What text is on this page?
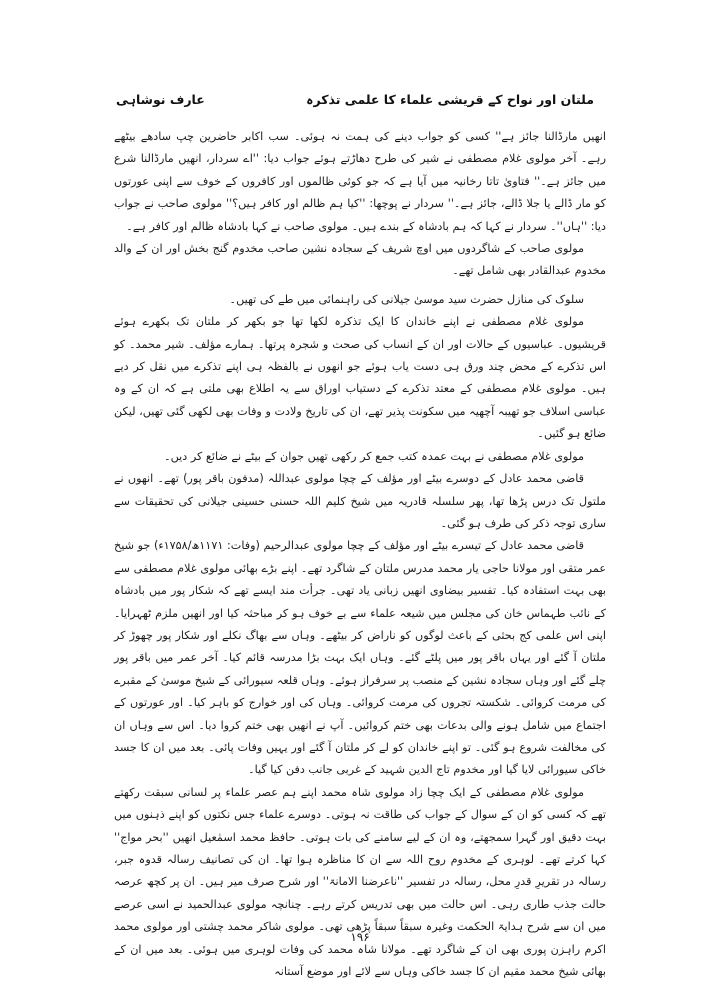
ملتان اور نواح کے قریشی علماء کا علمی تذکرہ
عارف نوشاہی

انھیں مارڈالنا جائز ہے'' کسی کو جواب دینے کی ہمت نہ ہوئی۔ سب اکابر حاضرین چپ سادھے بیٹھے رہے۔ آخر مولوی غلام مصطفی نے شیر کی طرح دھاڑتے ہوئے جواب دیا: ''اے سردار، انھیں مارڈالنا شرع میں جائز ہے۔'' فتاویٰ تاتا رخانیہ میں آیا ہے کہ جو کوئی ظالموں اور کافروں کے خوف سے اپنی عورتوں کو مار ڈالے یا جلا ڈالے، جائز ہے۔'' سردار نے پوچھا: ''کیا ہم ظالم اور کافر ہیں؟'' مولوی صاحب نے جواب دیا: ''ہاں''۔ سردار نے کہا کہ ہم بادشاہ کے بندے ہیں۔ مولوی صاحب نے کہا بادشاہ ظالم اور کافر ہے۔

مولوی صاحب کے شاگردوں میں اوچ شریف کے سجادہ نشین صاحب مخدوم گنج بخش اور ان کے والد مخدوم عبدالقادر بھی شامل تھے۔

سلوک کی منازل حضرت سید موسیٰ جیلانی کی راہنمائی میں طے کی تھیں۔

مولوی غلام مصطفی نے اپنے خاندان کا ایک تذکرہ لکھا تھا جو بکھر کر ملتان تک بکھرے ہوئے قریشیوں۔ عباسیوں کے حالات اور ان کے انساب کی صحت و شجرہ پرتھا۔ ہمارے مؤلف۔ شیر محمد۔ کو اس تذکرے کے محض چند ورق ہی دست یاب ہوئے جو انھوں نے بالفظہ ہی اپنے تذکرے میں نقل کر دیے ہیں۔ مولوی غلام مصطفی کے معتد تذکرے کے دستیاب اوراق سے یہ اطلاع بھی ملتی ہے کہ ان کے وہ عباسی اسلاف جو تھیبہ آچھیہ میں سکونت پذیر تھے، ان کی تاریخ ولادت و وفات بھی لکھی گئی تھیں، لیکن ضائع ہو گئیں۔

مولوی غلام مصطفی نے بہت عمدہ کتب جمع کر رکھی تھیں جوان کے بیٹے نے ضائع کر دیں۔

قاضی محمد عادل کے دوسرے بیٹے اور مؤلف کے چچا مولوی عبداللہ (مدفون باقر پور) تھے۔ انھوں نے ملتول تک درس پڑھا تھا، پھر سلسلہ قادریہ میں شیخ کلیم اللہ حسنی حسینی جیلانی کی تحقیقات سے ساری توجہ ذکر کی طرف ہو گئی۔

قاضی محمد عادل کے تیسرے بیٹے اور مؤلف کے چچا مولوی عبدالرحیم (وفات: ۱۱۷۱ھ/۱۷۵۸ء) جو شیخ عمر متقی اور مولانا حاجی یار محمد مدرس ملتان کے شاگرد تھے۔ اپنے بڑے بھائی مولوی غلام مصطفی سے بھی بہت استفادہ کیا۔ تفسیر بیضاوی انھیں زبانی یاد تھی۔ جرأت مند ایسے تھے کہ شکار پور میں بادشاہ کے نائب طہماس خان کی مجلس میں شیعہ علماء سے بے خوف ہو کر مباحثہ کیا اور انھیں ملزم ٹھہرایا۔ اپنی اس علمی کج بحثی کے باعث لوگوں کو ناراض کر بیٹھے۔ وہاں سے بھاگ نکلے اور شکار پور چھوڑ کر ملتان آ گئے اور یہاں باقر پور میں پلٹے گئے۔ وہاں ایک بہت بڑا مدرسہ قائم کیا۔ آخر عمر میں باقر پور چلے گئے اور وہاں سجادہ نشین کے منصب پر سرفراز ہوئے۔ وہاں قلعہ سیورائی کے شیخ موسیٰ کے مقبرے کی مرمت کروائی۔ شکستہ تجروں کی مرمت کروائی۔ وہاں کی اور خوارج کو باہر کیا۔ اور عورتوں کے اجتماع میں شامل ہونے والی بدعات بھی ختم کروائیں۔ آپ نے انھیں بھی ختم کروا دیا۔ اس سے وہاں ان کی مخالفت شروع ہو گئی۔ تو اپنے خاندان کو لے کر ملتان آ گئے اور یہیں وفات پائی۔ بعد میں ان کا جسد خاکی سیورائی لایا گیا اور مخدوم تاج الدین شہید کے غربی جانب دفن کیا گیا۔

مولوی غلام مصطفی کے ایک چچا زاد مولوی شاہ محمد اپنے ہم عصر علماء پر لسانی سبقت رکھتے تھے کہ کسی کو ان کے سوال کے جواب کی طاقت نہ ہوتی۔ دوسرے علماء جس نکتوں کو اپنے ذہنوں میں بہت دقیق اور گہرا سمجھتے، وہ ان کے لیے سامنے کی بات ہوتی۔ حافظ محمد اسمٰعیل انھیں ''بحر مواج'' کہا کرتے تھے۔ لوہری کے مخدوم روح اللہ سے ان کا مناظرہ ہوا تھا۔ ان کی تصانیف رسالہ قدوہ جبر، رسالہ در تقریرِ قدرِ محل، رسالہ در تفسیر ''ناعرضنا الامانۃ'' اور شرح صرف میر ہیں۔ ان پر کچھ عرصہ حالت جذب طاری رہی۔ اس حالت میں بھی تدریس کرتے رہے۔ چنانچہ مولوی عبدالحمید نے اسی عرصے میں ان سے شرح ہدایۃ الحکمت وغیرہ سبقاً سبقاً پڑھی تھی۔ مولوی شاکر محمد چشتی اور مولوی محمد اکرم راہزن پوری بھی ان کے شاگرد تھے۔ مولانا شاہ محمد کی وفات لوہری میں ہوئی۔ بعد میں ان کے بھائی شیخ محمد مقیم ان کا جسد خاکی وہاں سے لائے اور موضع آستانہ

۱۹۶
